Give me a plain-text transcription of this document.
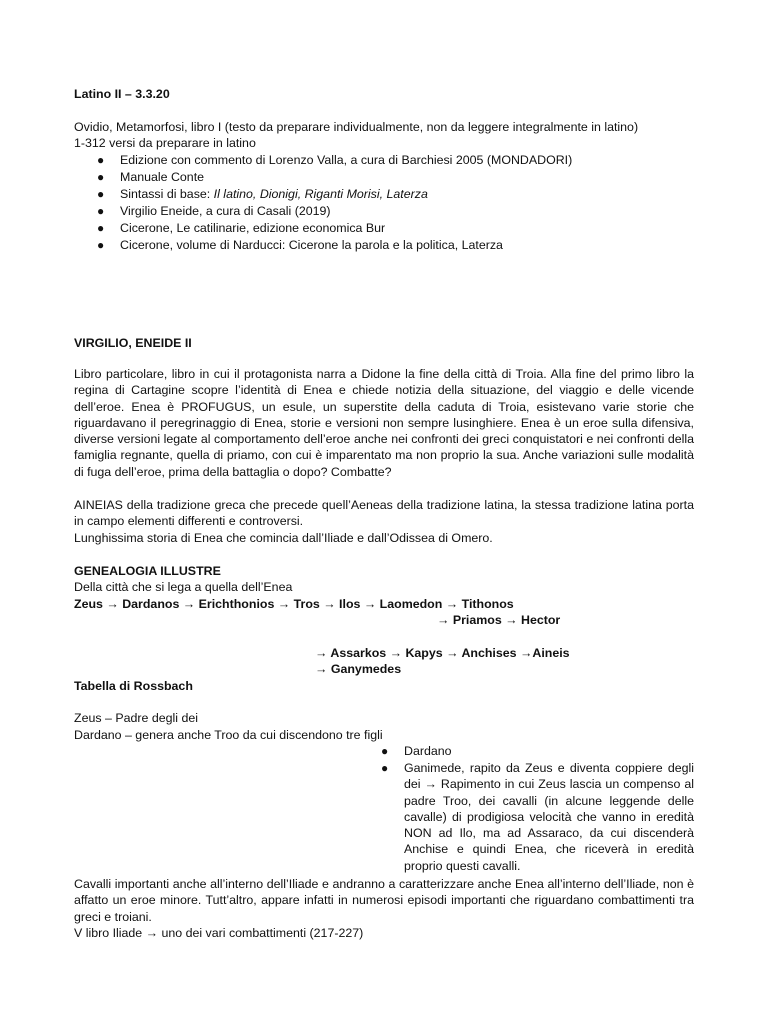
Latino II – 3.3.20
Ovidio, Metamorfosi, libro I (testo da preparare individualmente, non da leggere integralmente in latino)
1-312 versi da preparare in latino
● Edizione con commento di Lorenzo Valla, a cura di Barchiesi 2005 (MONDADORI)
● Manuale Conte
● Sintassi di base: Il latino, Dionigi, Riganti Morisi, Laterza
● Virgilio Eneide, a cura di Casali (2019)
● Cicerone, Le catilinarie, edizione economica Bur
● Cicerone, volume di Narducci: Cicerone la parola e la politica, Laterza
VIRGILIO, ENEIDE II
Libro particolare, libro in cui il protagonista narra a Didone la fine della città di Troia. Alla fine del primo libro la regina di Cartagine scopre l’identità di Enea e chiede notizia della situazione, del viaggio e delle vicende dell’eroe. Enea è PROFUGUS, un esule, un superstite della caduta di Troia, esistevano varie storie che riguardavano il peregrinaggio di Enea, storie e versioni non sempre lusinghiere. Enea è un eroe sulla difensiva, diverse versioni legate al comportamento dell’eroe anche nei confronti dei greci conquistatori e nei confronti della famiglia regnante, quella di priamo, con cui è imparentato ma non proprio la sua. Anche variazioni sulle modalità di fuga dell’eroe, prima della battaglia o dopo? Combatte?
AINEIAS della tradizione greca che precede quell’Aeneas della tradizione latina, la stessa tradizione latina porta in campo elementi differenti e controversi.
Lunghissima storia di Enea che comincia dall’Iliade e dall’Odissea di Omero.
GENEALOGIA ILLUSTRE
Della città che si lega a quella dell’Enea
Zeus → Dardanos → Erichthonios → Tros → Ilos → Laomedon → Tithonos
→ Priamos → Hector
→ Assarkos → Kapys → Anchises →Aineis
→ Ganymedes
Tabella di Rossbach
Zeus – Padre degli dei
Dardano – genera anche Troo da cui discendono tre figli
● Dardano
● Ganimede, rapito da Zeus e diventa coppiere degli dei → Rapimento in cui Zeus lascia un compenso al padre Troo, dei cavalli (in alcune leggende delle cavalle) di prodigiosa velocità che vanno in eredità NON ad Ilo, ma ad Assaraco, da cui discenderà Anchise e quindi Enea, che riceverà in eredità proprio questi cavalli.
Cavalli importanti anche all’interno dell’Iliade e andranno a caratterizzare anche Enea all’interno dell’Iliade, non è affatto un eroe minore. Tutt’altro, appare infatti in numerosi episodi importanti che riguardano combattimenti tra greci e troiani.
V libro Iliade → uno dei vari combattimenti (217-227)
